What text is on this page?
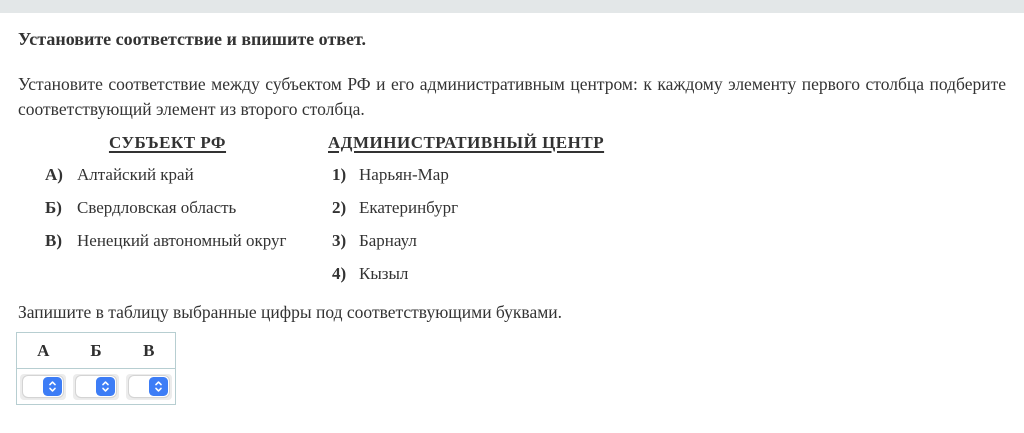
Установите соответствие и впишите ответ.

Установите соответствие между субъектом РФ и его административным центром: к каждому элементу первого столбца подберите соответствующий элемент из второго столбца.

СУБЪЕКТ РФ	АДМИНИСТРАТИВНЫЙ ЦЕНТР
А) Алтайский край
Б) Свердловская область
В) Ненецкий автономный округ
1) Нарьян-Мар
2) Екатеринбург
3) Барнаул
4) Кызыл

Запишите в таблицу выбранные цифры под соответствующими буквами.

А	Б	В
